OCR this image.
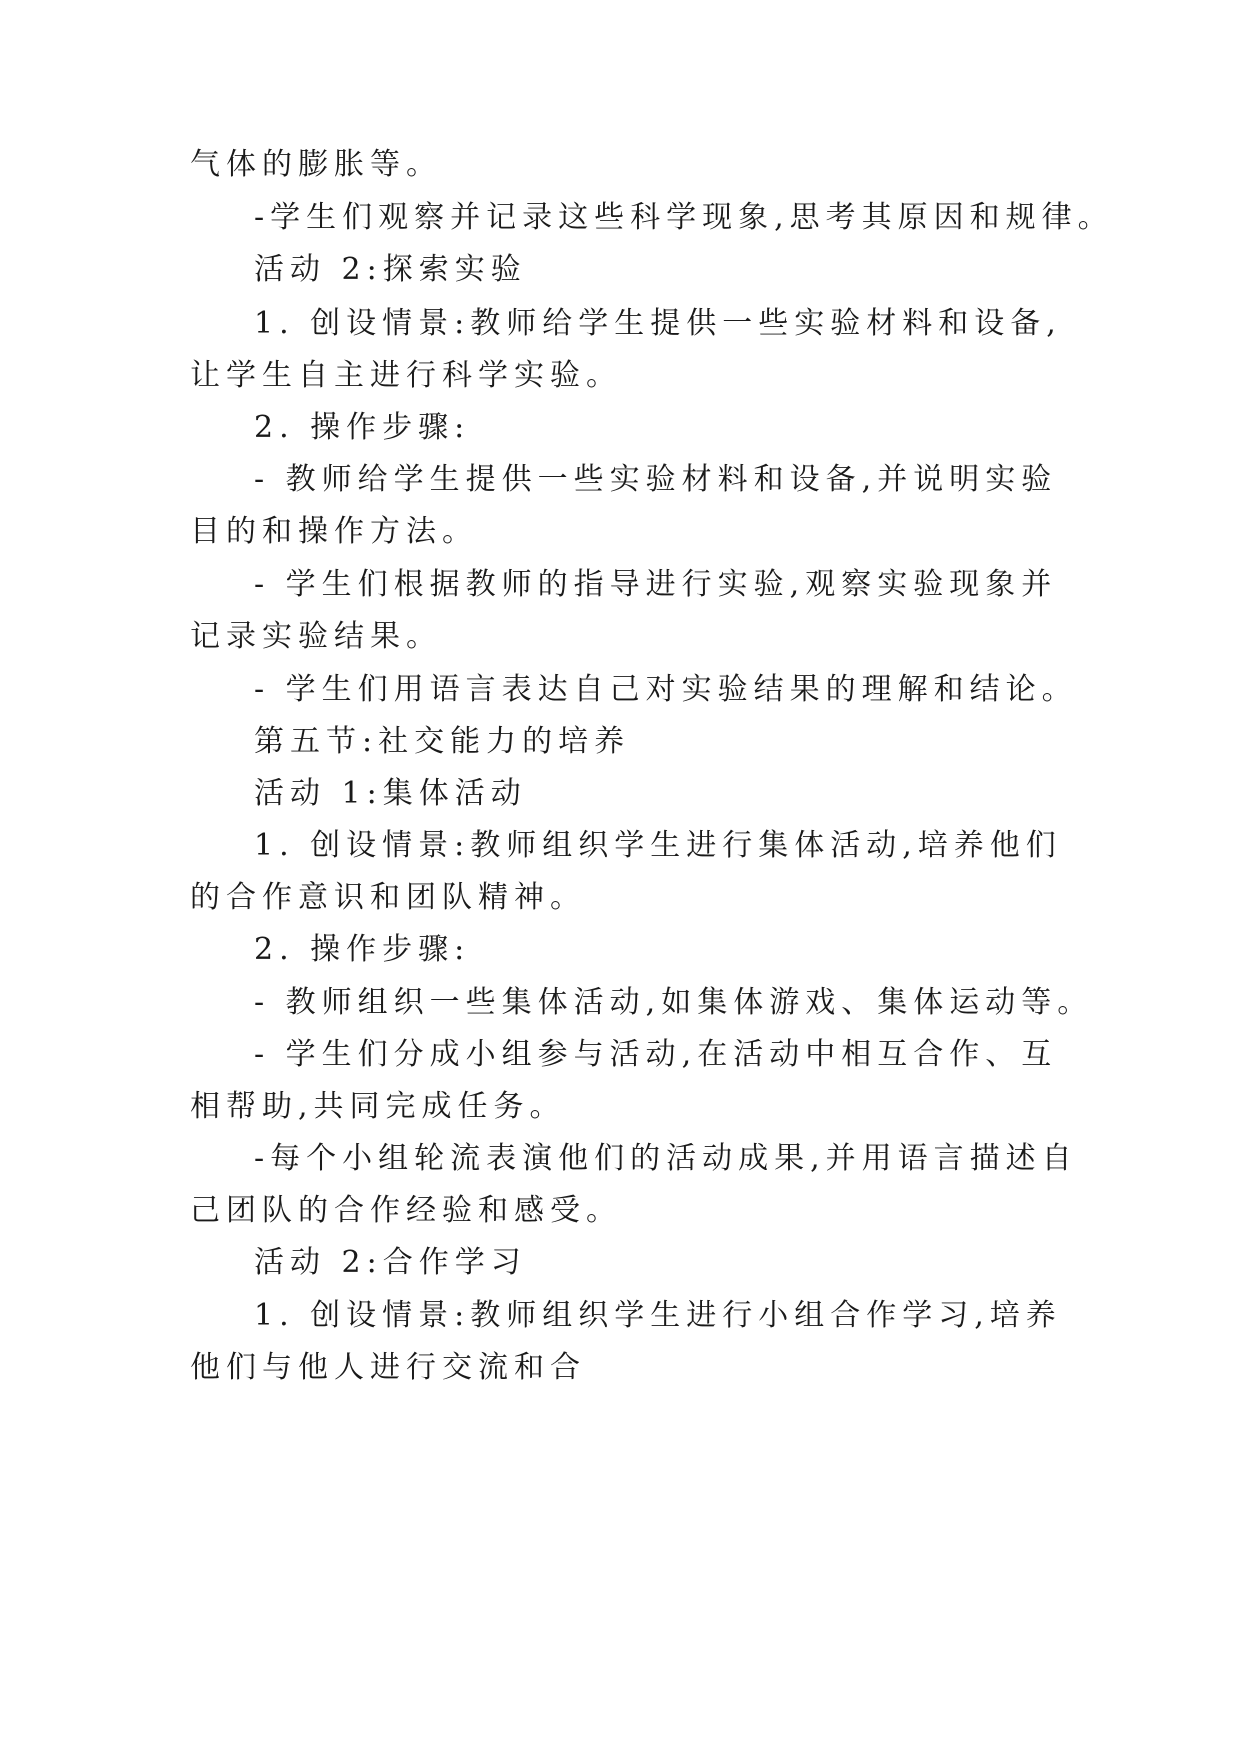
气体的膨胀等。

-学生们观察并记录这些科学现象,思考其原因和规律。

活动 2:探索实验

1. 创设情景:教师给学生提供一些实验材料和设备,

让学生自主进行科学实验。

2. 操作步骤:

- 教师给学生提供一些实验材料和设备,并说明实验

目的和操作方法。

- 学生们根据教师的指导进行实验,观察实验现象并

记录实验结果。

- 学生们用语言表达自己对实验结果的理解和结论。

第五节:社交能力的培养

活动 1:集体活动

1. 创设情景:教师组织学生进行集体活动,培养他们

的合作意识和团队精神。

2. 操作步骤:

- 教师组织一些集体活动,如集体游戏、集体运动等。

- 学生们分成小组参与活动,在活动中相互合作、互

相帮助,共同完成任务。

-每个小组轮流表演他们的活动成果,并用语言描述自

己团队的合作经验和感受。

活动 2:合作学习

1. 创设情景:教师组织学生进行小组合作学习,培养

他们与他人进行交流和合
